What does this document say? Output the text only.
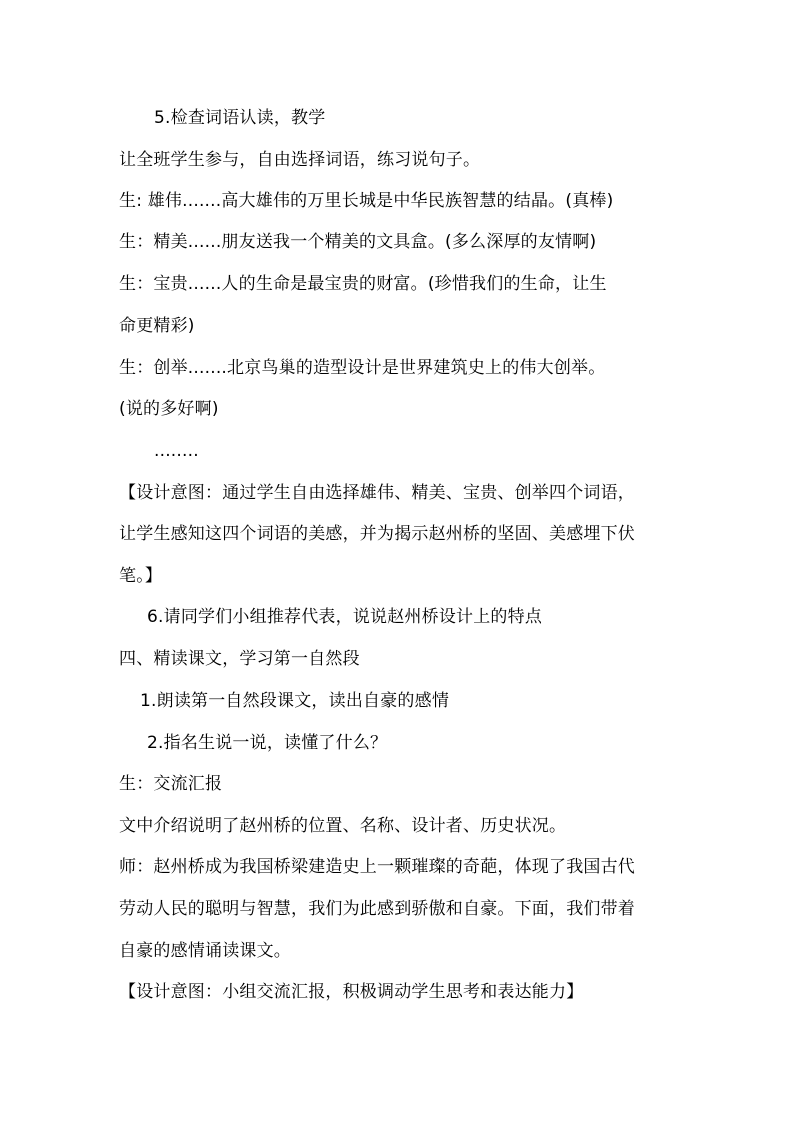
5.检查词语认读，教学
让全班学生参与，自由选择词语，练习说句子。
生: 雄伟.......高大雄伟的万里长城是中华民族智慧的结晶。(真棒)
生：精美......朋友送我一个精美的文具盒。(多么深厚的友情啊)
生：宝贵......人的生命是最宝贵的财富。(珍惜我们的生命，让生
命更精彩)
生：创举.......北京鸟巢的造型设计是世界建筑史上的伟大创举。
(说的多好啊)
........
【设计意图：通过学生自由选择雄伟、精美、宝贵、创举四个词语，
让学生感知这四个词语的美感，并为揭示赵州桥的坚固、美感埋下伏
笔。】
6.请同学们小组推荐代表，说说赵州桥设计上的特点
四、精读课文，学习第一自然段
1.朗读第一自然段课文，读出自豪的感情
2.指名生说一说，读懂了什么？
生：交流汇报
文中介绍说明了赵州桥的位置、名称、设计者、历史状况。
师：赵州桥成为我国桥梁建造史上一颗璀璨的奇葩，体现了我国古代
劳动人民的聪明与智慧，我们为此感到骄傲和自豪。下面，我们带着
自豪的感情诵读课文。
【设计意图：小组交流汇报，积极调动学生思考和表达能力】
